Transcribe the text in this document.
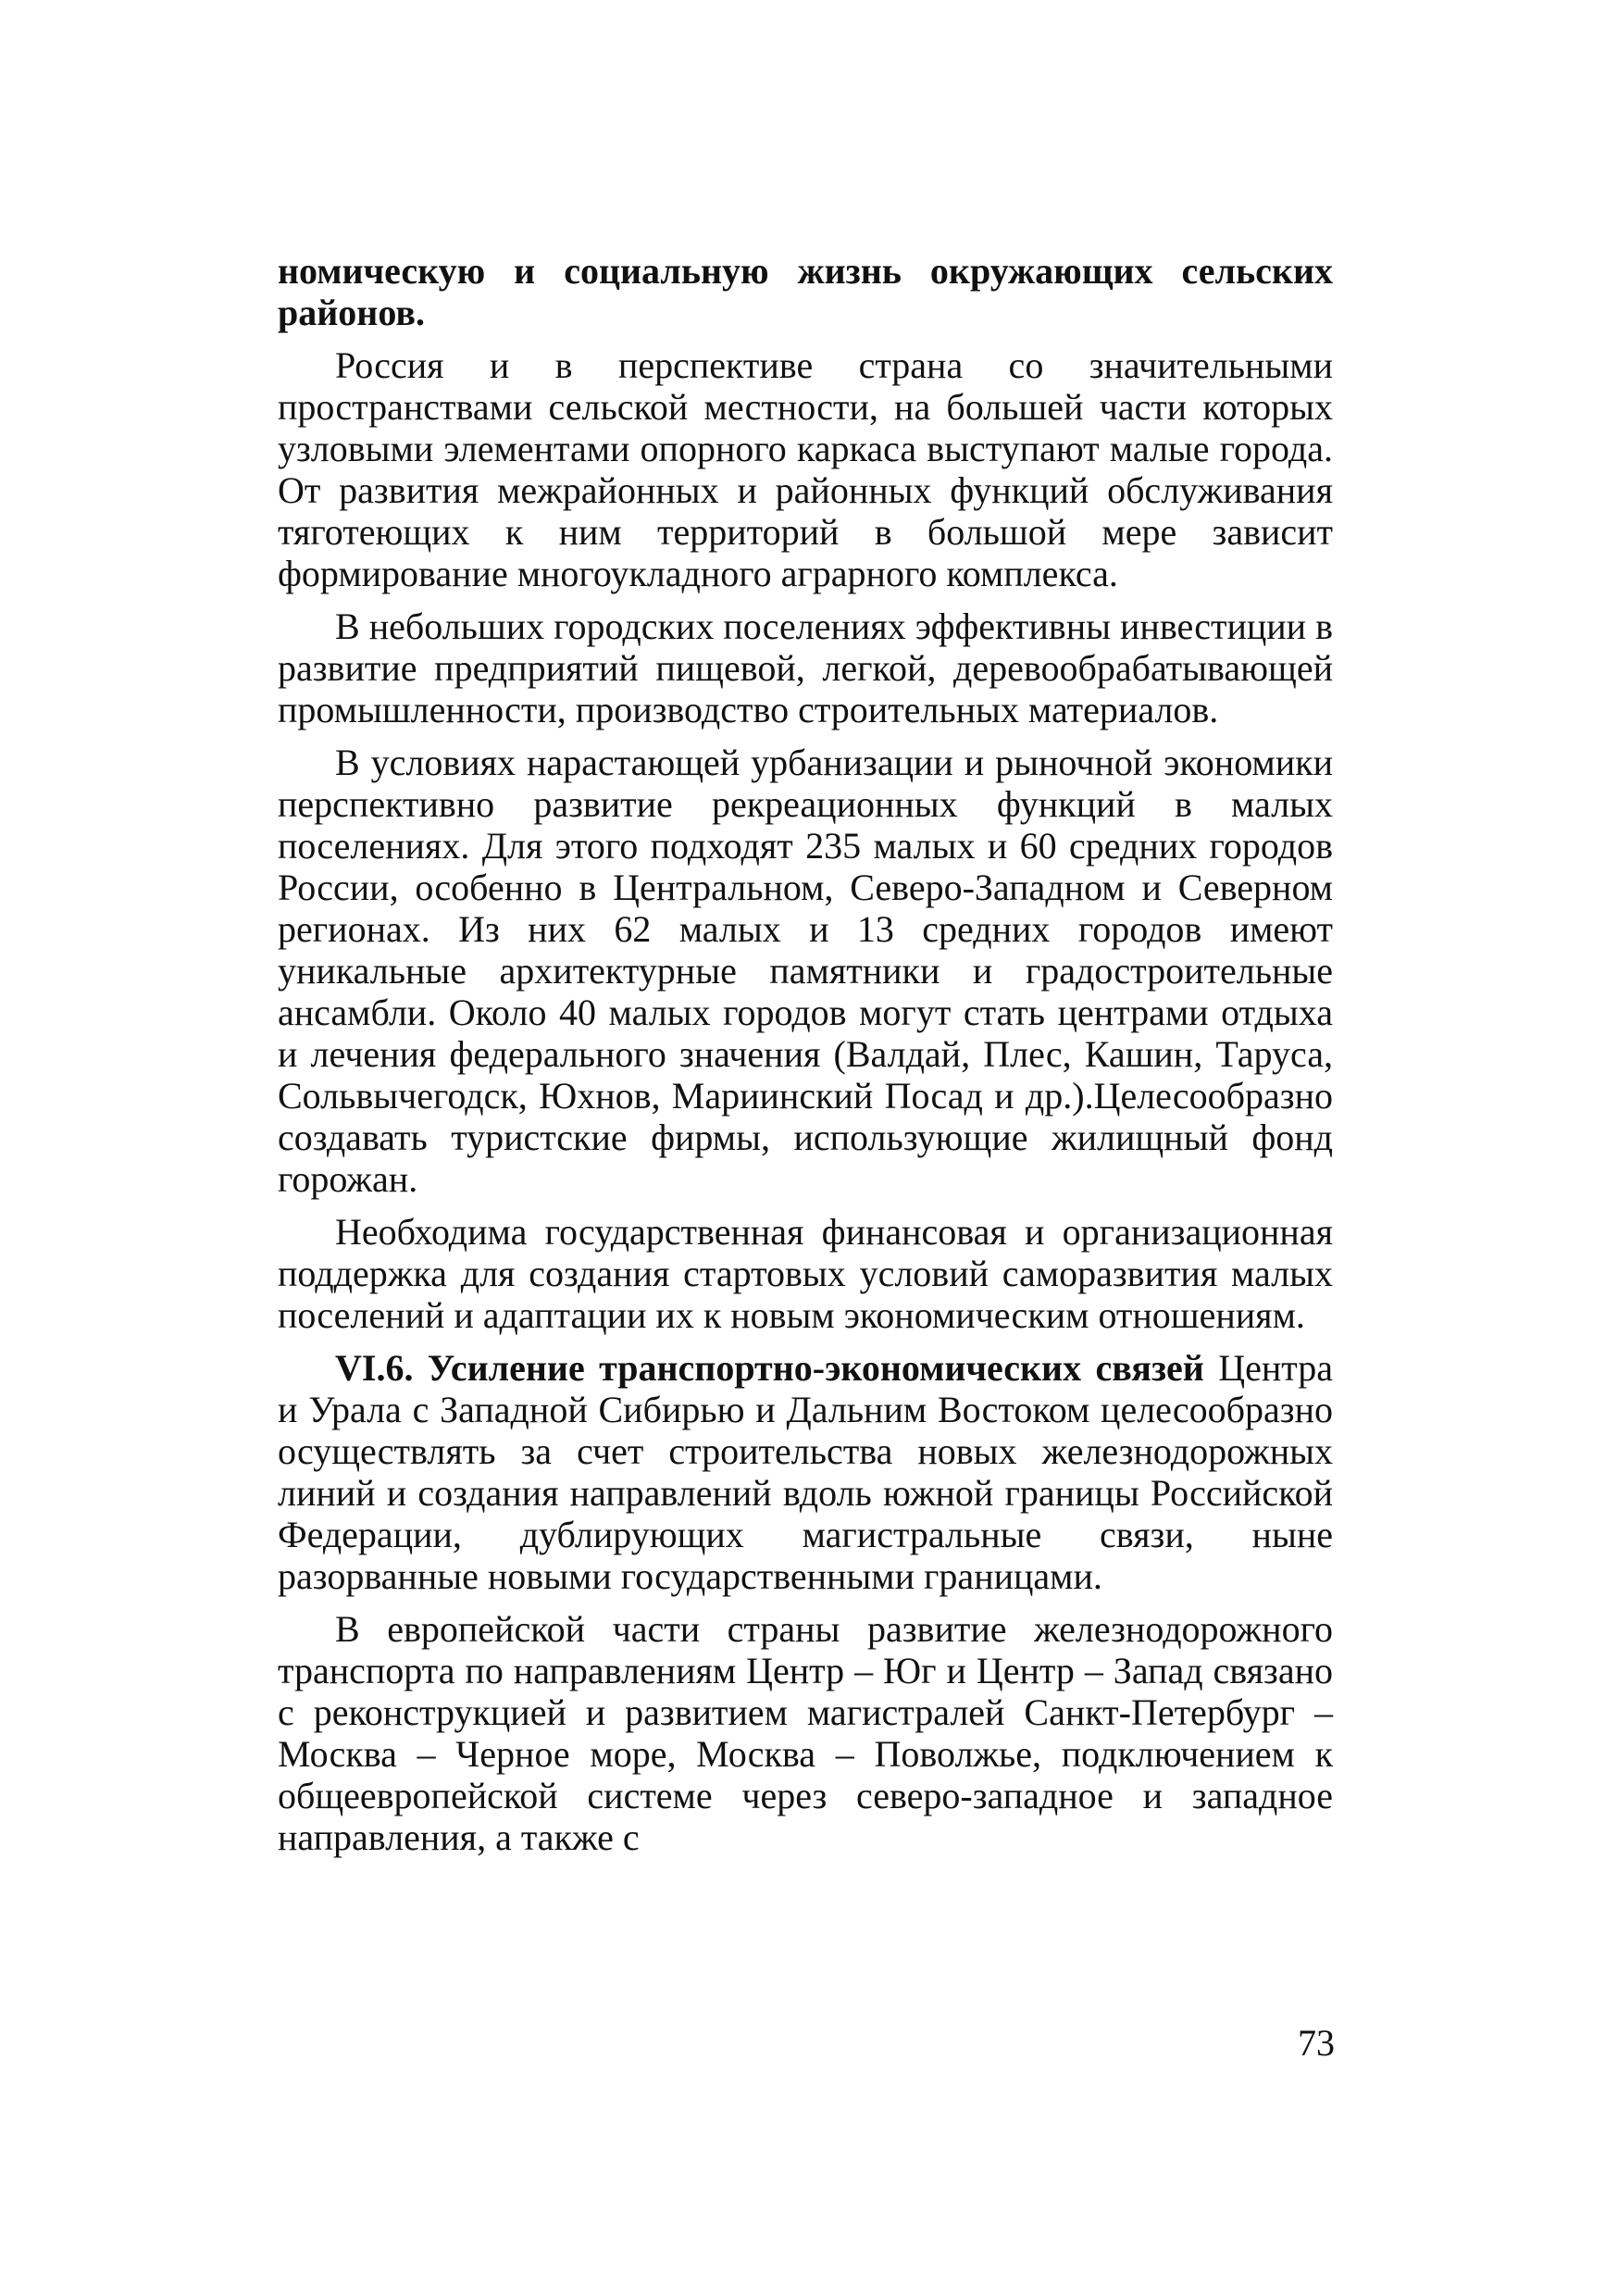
номическую и социальную жизнь окружающих сельских районов.

Россия и в перспективе страна со значительными пространствами сельской местности, на большей части которых узловыми элементами опорного каркаса выступают малые города. От развития межрайонных и районных функций обслуживания тяготеющих к ним территорий в большой мере зависит формирование многоукладного аграрного комплекса.

В небольших городских поселениях эффективны инвестиции в развитие предприятий пищевой, легкой, деревообрабатывающей промышленности, производство строительных материалов.

В условиях нарастающей урбанизации и рыночной экономики перспективно развитие рекреационных функций в малых поселениях. Для этого подходят 235 малых и 60 средних городов России, особенно в Центральном, Северо-Западном и Северном регионах. Из них 62 малых и 13 средних городов имеют уникальные архитектурные памятники и градостроительные ансамбли. Около 40 малых городов могут стать центрами отдыха и лечения федерального значения (Валдай, Плес, Кашин, Таруса, Сольвычегодск, Юхнов, Мариинский Посад и др.).Целесообразно создавать туристские фирмы, использующие жилищный фонд горожан.

Необходима государственная финансовая и организационная поддержка для создания стартовых условий саморазвития малых поселений и адаптации их к новым экономическим отношениям.

VI.6. Усиление транспортно-экономических связей Центра и Урала с Западной Сибирью и Дальним Востоком целесообразно осуществлять за счет строительства новых железнодорожных линий и создания направлений вдоль южной границы Российской Федерации, дублирующих магистральные связи, ныне разорванные новыми государственными границами.

В европейской части страны развитие железнодорожного транспорта по направлениям Центр – Юг и Центр – Запад связано с реконструкцией и развитием магистралей Санкт-Петербург – Москва – Черное море, Москва – Поволжье, подключением к общеевропейской системе через северо-западное и западное направления, а также с

73
